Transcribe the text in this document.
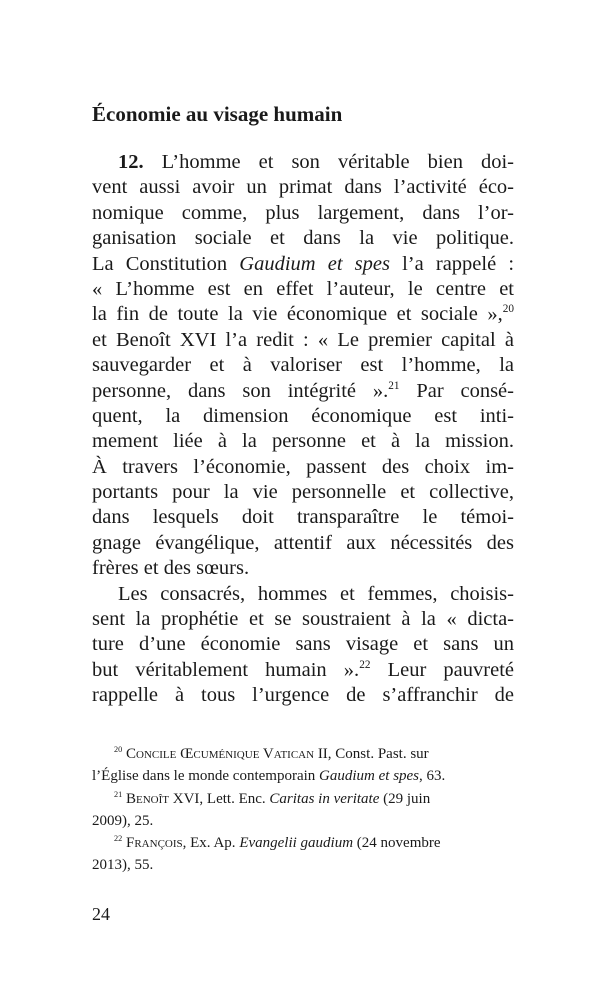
Économie au visage humain
12. L’homme et son véritable bien doi-
vent aussi avoir un primat dans l’activité éco-
nomique comme, plus largement, dans l’or-
ganisation sociale et dans la vie politique.
La Constitution Gaudium et spes l’a rappelé :
« L’homme est en effet l’auteur, le centre et
la fin de toute la vie économique et sociale »,$^{20}$
et Benoît XVI l’a redit : « Le premier capital à
sauvegarder et à valoriser est l’homme, la
personne, dans son intégrité ».$^{21}$ Par consé-
quent, la dimension économique est inti-
mement liée à la personne et à la mission.
À travers l’économie, passent des choix im-
portants pour la vie personnelle et collective,
dans lesquels doit transparaître le témoi-
gnage évangélique, attentif aux nécessités des
frères et des sœurs.
Les consacrés, hommes et femmes, choisis-
sent la prophétie et se soustraient à la « dicta-
ture d’une économie sans visage et sans un
but véritablement humain ».$^{22}$ Leur pauvreté
rappelle à tous l’urgence de s’affranchir de
$^{20}$ Concile Œcuménique Vatican II, Const. Past. sur
l’Église dans le monde contemporain Gaudium et spes, 63.
$^{21}$ Benoît XVI, Lett. Enc. Caritas in veritate (29 juin
2009), 25.
$^{22}$ François, Ex. Ap. Evangelii gaudium (24 novembre
2013), 55.
24
